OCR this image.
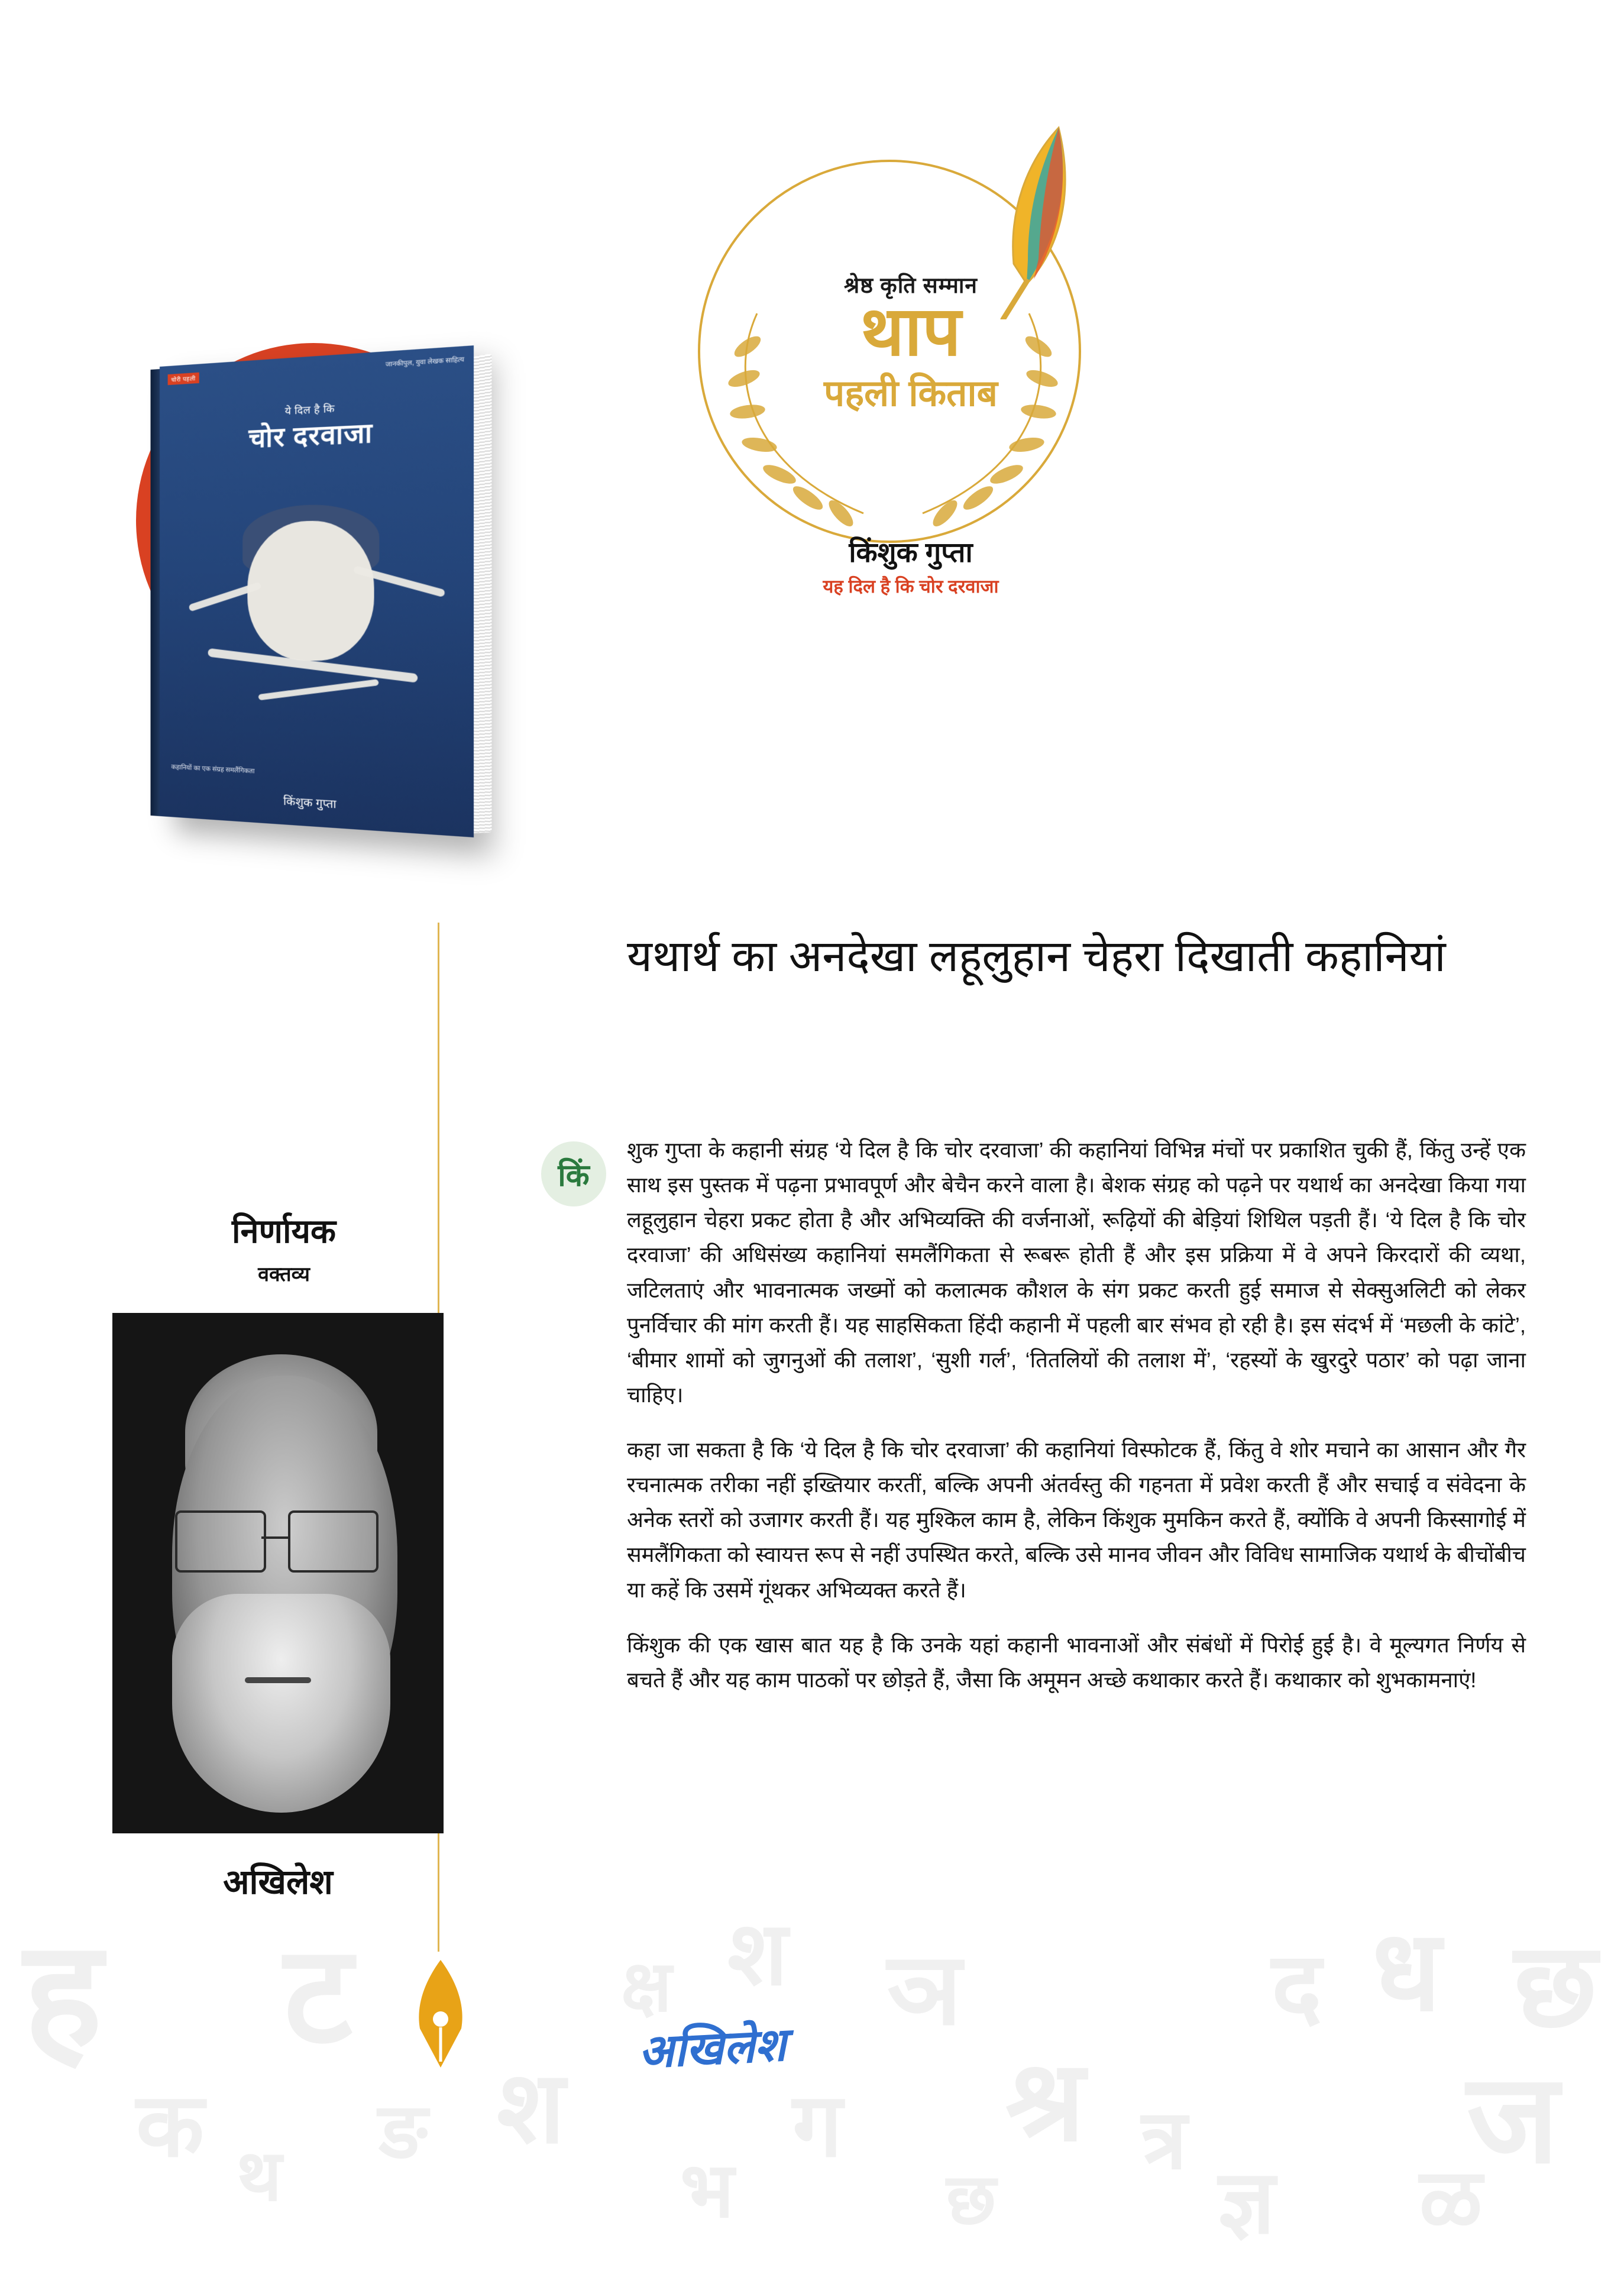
ह	श
ट	ञ	ध
श	ग श्र	ज
द छ
क
क्ष
त्र
ङ
ज्ञ
थ	भ	ळ
छ
चोरी पहली
जानकीपुल, युवा लेखक साहित्य
ये दिल है कि
चोर दरवाजा
कहानियों का एक संग्रह समलैंगिकता
किंशुक गुप्ता
श्रेष्ठ कृति सम्मान
थाप
पहली किताब
किंशुक गुप्ता
यह दिल है कि चोर दरवाजा
यथार्थ का अनदेखा लहूलुहान चेहरा दिखाती कहानियां
निर्णायक
वक्तव्य
अखिलेश
किं

शुक गुप्ता के कहानी संग्रह ‘ये दिल है कि चोर दरवाजा’ की कहानियां विभिन्न मंचों पर प्रकाशित चुकी हैं, किंतु उन्हें एक साथ इस पुस्तक में पढ़ना प्रभावपूर्ण और बेचैन करने वाला है। बेशक संग्रह को पढ़ने पर यथार्थ का अनदेखा किया गया लहूलुहान चेहरा प्रकट होता है और अभिव्यक्ति की वर्जनाओं, रूढ़ियों की बेड़ियां शिथिल पड़ती हैं। ‘ये दिल है कि चोर दरवाजा’ की अधिसंख्य कहानियां समलैंगिकता से रूबरू होती हैं और इस प्रक्रिया में वे अपने किरदारों की व्यथा, जटिलताएं और भावनात्मक जख्मों को कलात्मक कौशल के संग प्रकट करती हुई समाज से सेक्सुअलिटी को लेकर पुनर्विचार की मांग करती हैं। यह साहसिकता हिंदी कहानी में पहली बार संभव हो रही है। इस संदर्भ में ‘मछली के कांटे’, ‘बीमार शामों को जुगनुओं की तलाश’, ‘सुशी गर्ल’, ‘तितलियों की तलाश में’, ‘रहस्यों के खुरदुरे पठार’ को पढ़ा जाना चाहिए।

कहा जा सकता है कि ‘ये दिल है कि चोर दरवाजा’ की कहानियां विस्फोटक हैं, किंतु वे शोर मचाने का आसान और गैर रचनात्मक तरीका नहीं इख्तियार करतीं, बल्कि अपनी अंतर्वस्तु की गहनता में प्रवेश करती हैं और सचाई व संवेदना के अनेक स्तरों को उजागर करती हैं। यह मुश्किल काम है, लेकिन किंशुक मुमकिन करते हैं, क्योंकि वे अपनी किस्सागोई में समलैंगिकता को स्वायत्त रूप से नहीं उपस्थित करते, बल्कि उसे मानव जीवन और विविध सामाजिक यथार्थ के बीचोंबीच या कहें कि उसमें गूंथकर अभिव्यक्त करते हैं।

किंशुक की एक खास बात यह है कि उनके यहां कहानी भावनाओं और संबंधों में पिरोई हुई है। वे मूल्यगत निर्णय से बचते हैं और यह काम पाठकों पर छोड़ते हैं, जैसा कि अमूमन अच्छे कथाकार करते हैं। कथाकार को शुभकामनाएं!

अखिलेश
